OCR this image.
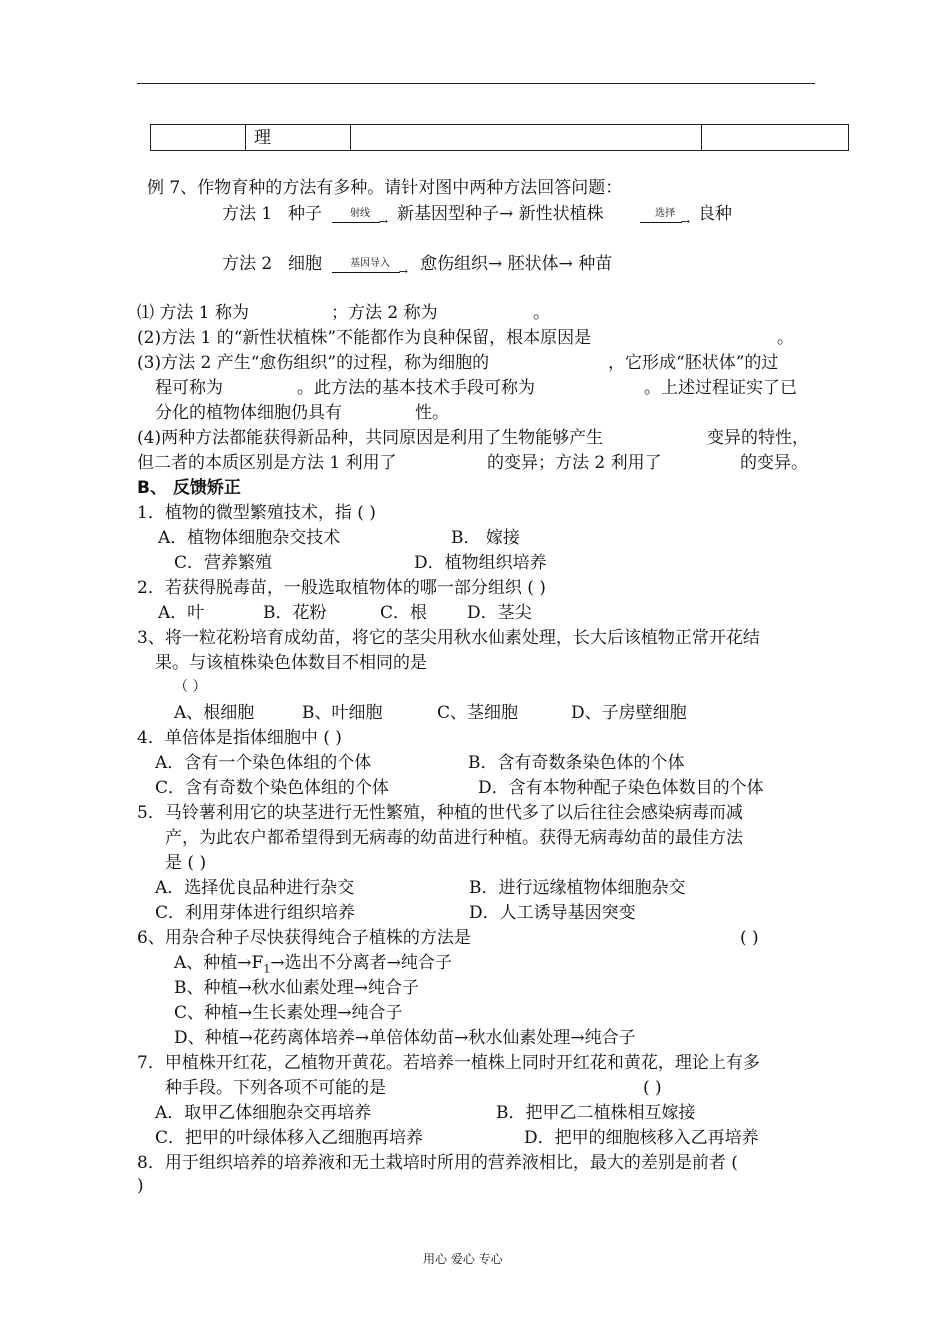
	理		
例 7、作物育种的方法有多种。请针对图中两种方法回答问题：
方法 1 种子	射线
→ 新基因型种子→ 新性状植株	选择
→ 良种
方法 2 细胞	基因导入
→ 愈伤组织→ 胚状体→ 种苗
⑴ 方法 1 称为	；方法 2 称为	。
(2)方法 1 的“新性状植株”不能都作为良种保留，根本原因是	。
(3)方法 2 产生“愈伤组织”的过程，称为细胞的	，它形成“胚状体”的过
程可称为	。此方法的基本技术手段可称为	。上述过程证实了已
分化的植物体细胞仍具有	性。
(4)两种方法都能获得新品种，共同原因是利用了生物能够产生	变异的特性，
但二者的本质区别是方法 1 利用了	的变异；方法 2 利用了	的变异。
B、 反馈矫正
1．植物的微型繁殖技术，指 ( )
A．植物体细胞杂交技术	B． 嫁接
C．营养繁殖	D．植物组织培养
2．若获得脱毒苗，一般选取植物体的哪一部分组织 ( )
A．叶	B．花粉	C．根 D．茎尖
3、将一粒花粉培育成幼苗，将它的茎尖用秋水仙素处理，长大后该植物正常开花结
果。与该植株染色体数目不相同的是
（ ）
A、根细胞	B、叶细胞	C、茎细胞	D、子房壁细胞
4．单倍体是指体细胞中 ( )
A．含有一个染色体组的个体	B．含有奇数条染色体的个体
C．含有奇数个染色体组的个体	D．含有本物种配子染色体数目的个体
5．马铃薯利用它的块茎进行无性繁殖，种植的世代多了以后往往会感染病毒而减
产，为此农户都希望得到无病毒的幼苗进行种植。获得无病毒幼苗的最佳方法
是 ( )
A．选择优良品种进行杂交	B．进行远缘植物体细胞杂交
C．利用芽体进行组织培养	D．人工诱导基因突变
6、用杂合种子尽快获得纯合子植株的方法是	( )
A、种植$\to F_1\to$选出不分离者→纯合子
B、种植→秋水仙素处理→纯合子
C、种植→生长素处理→纯合子
D、种植→花药离体培养→单倍体幼苗→秋水仙素处理→纯合子
7．甲植株开红花，乙植物开黄花。若培养一植株上同时开红花和黄花，理论上有多
种手段。下列各项不可能的是	( )
A．取甲乙体细胞杂交再培养	B．把甲乙二植株相互嫁接
C．把甲的叶绿体移入乙细胞再培养	D．把甲的细胞核移入乙再培养
8．用于组织培养的培养液和无土栽培时所用的营养液相比，最大的差别是前者 (
)
用心 爱心 专心
